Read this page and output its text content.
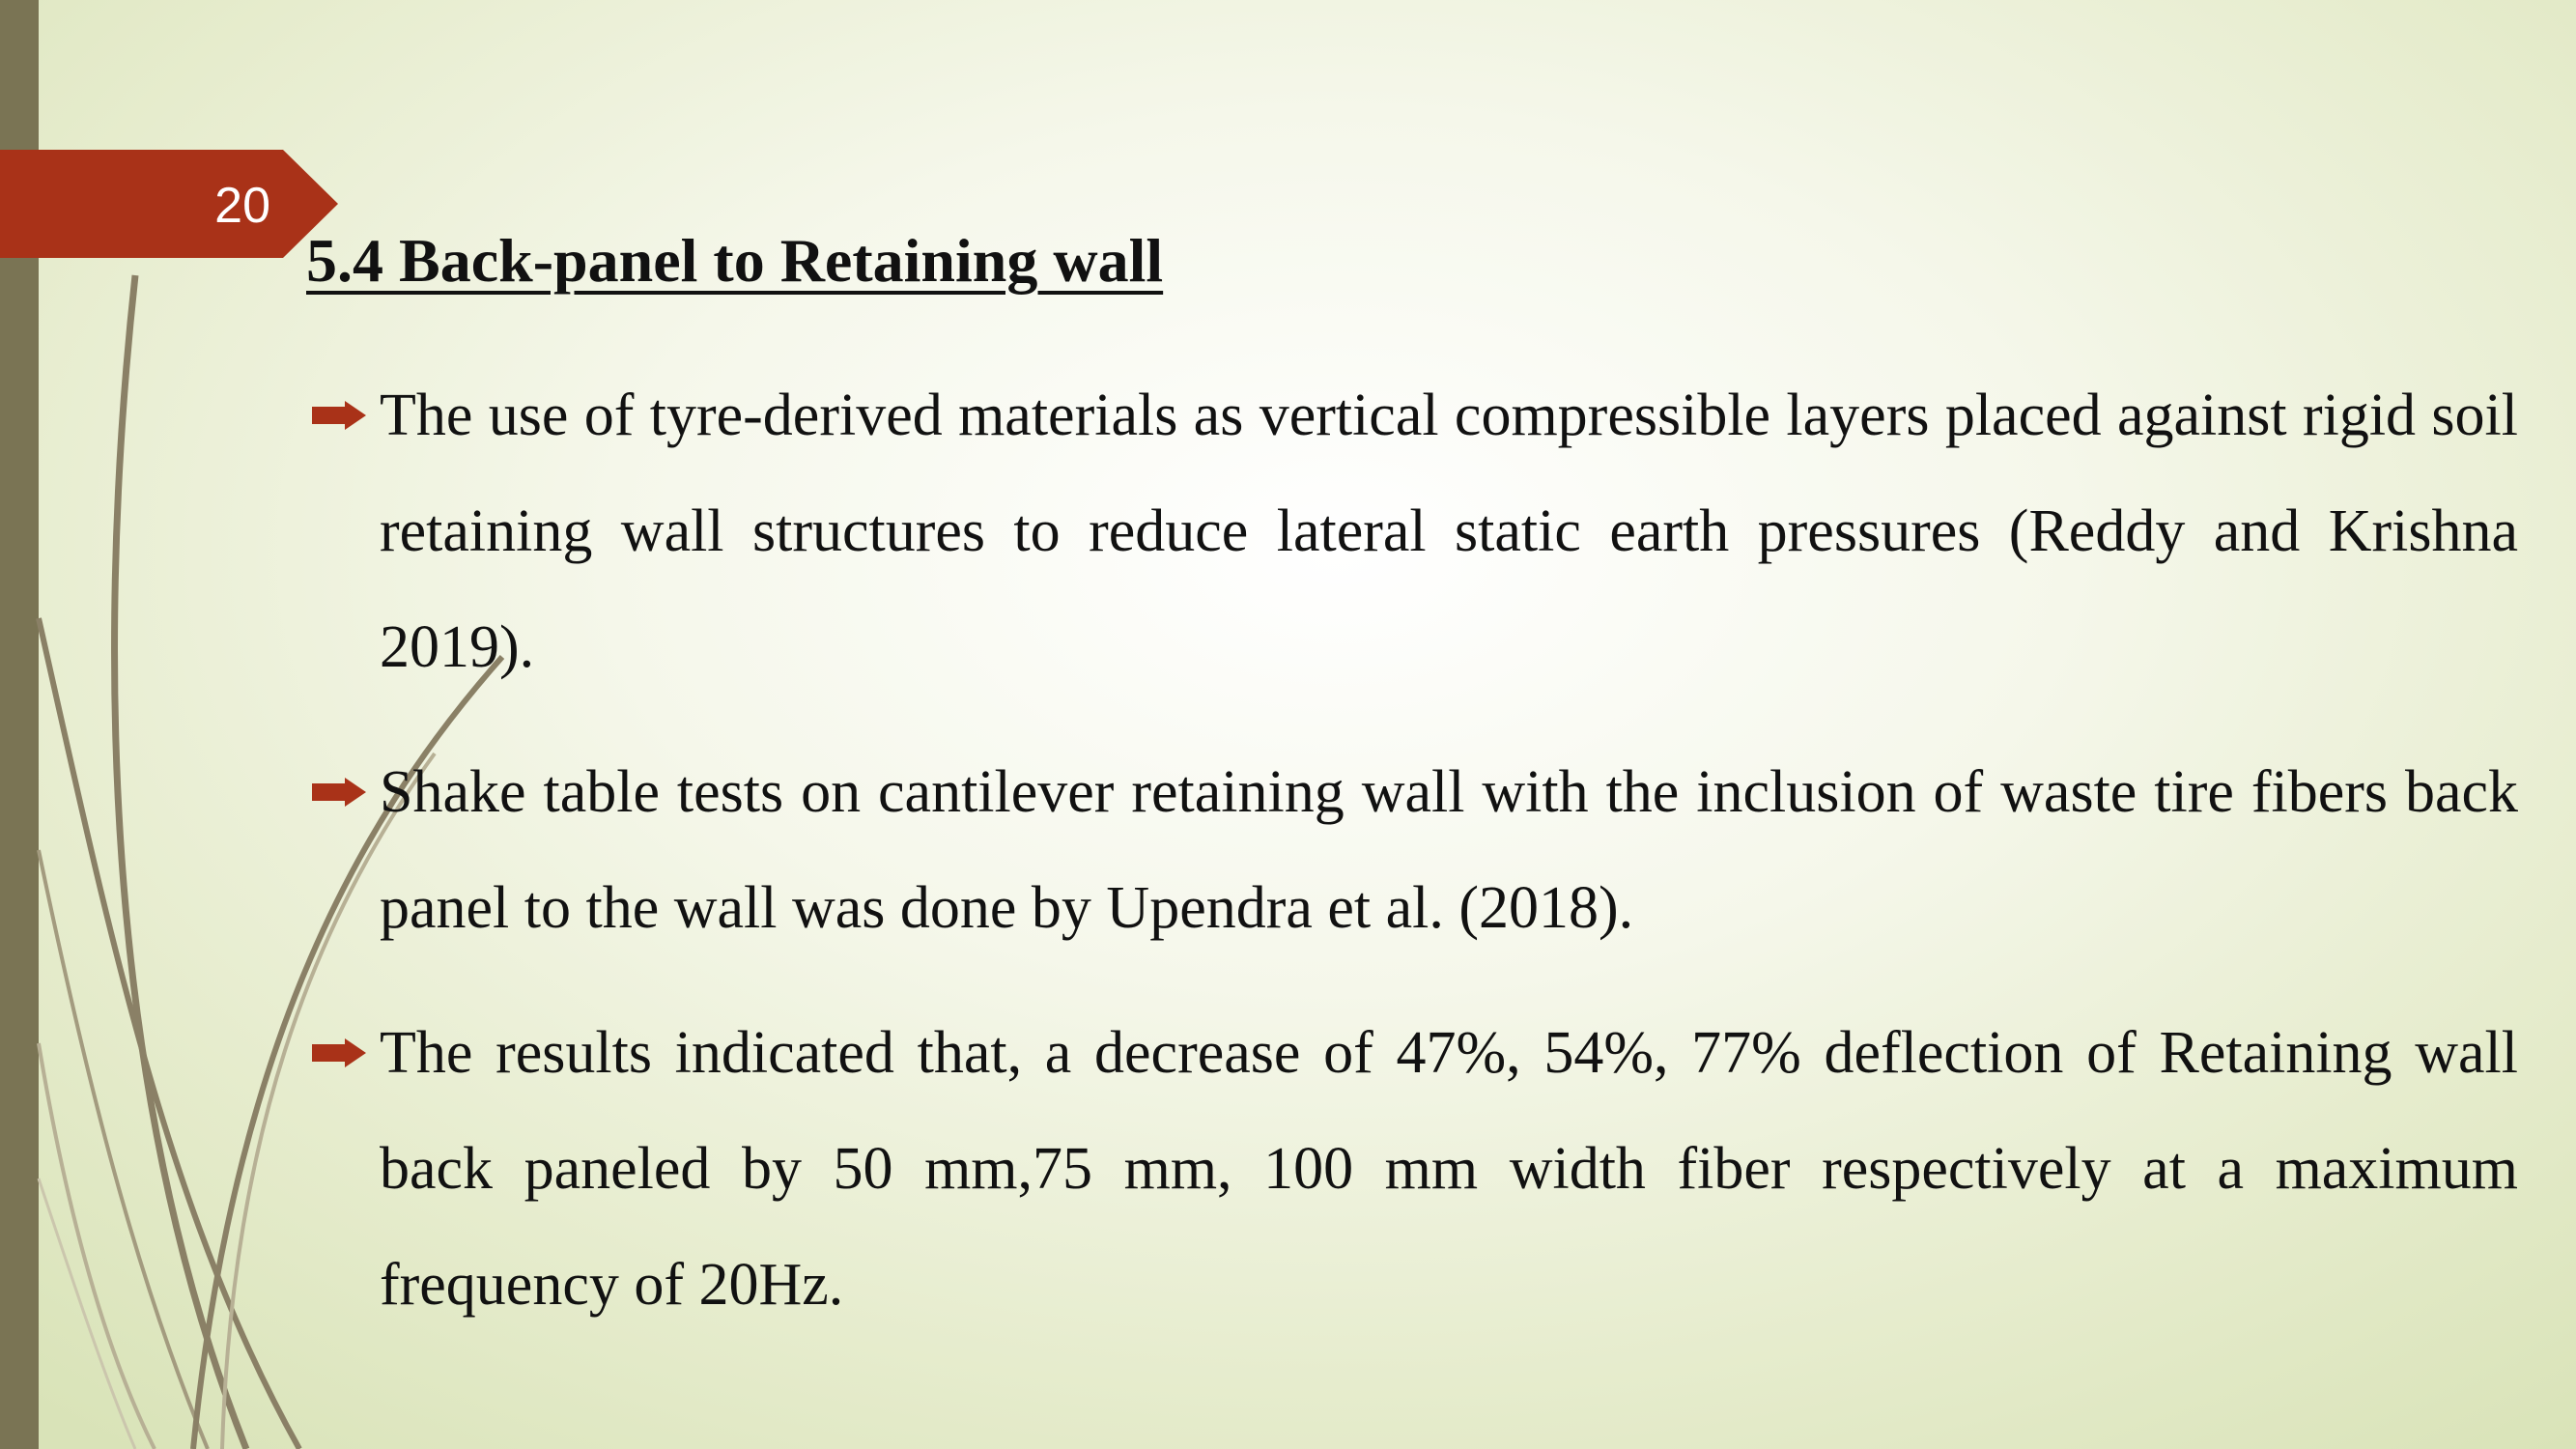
20
5.4 Back-panel to Retaining wall
The use of tyre-derived materials as vertical compressible layers placed against rigid soil retaining wall structures to reduce lateral static earth pressures (Reddy and Krishna 2019).
Shake table tests on cantilever retaining wall with the inclusion of waste tire fibers back panel to the wall was done by Upendra et al. (2018).
The results indicated that, a decrease of 47%, 54%, 77% deflection of Retaining wall back paneled by 50 mm,75 mm, 100 mm width fiber respectively at a maximum frequency of 20Hz.
